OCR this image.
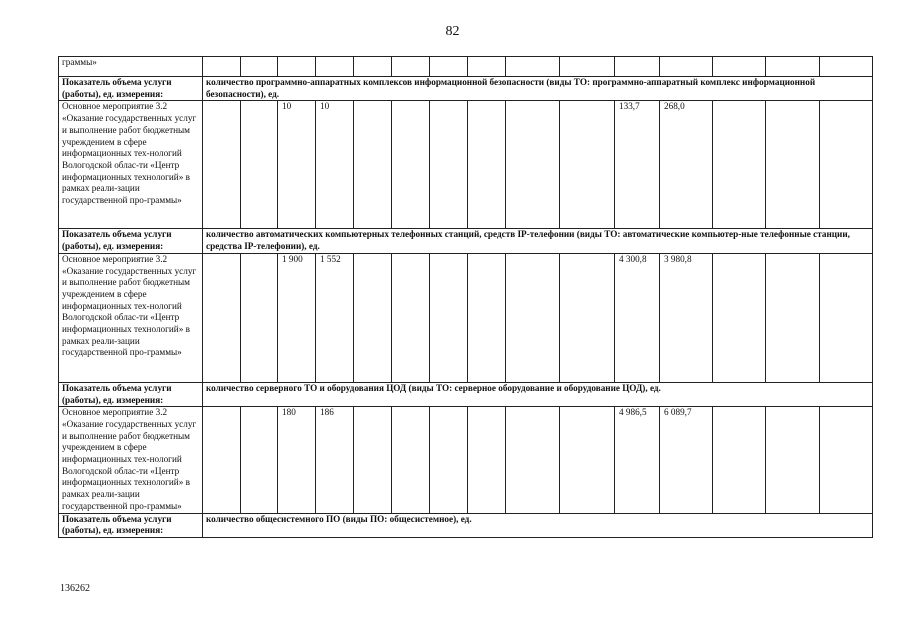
82
граммы»															
Показатель объема услуги (работы), ед. измерения:	количество программно-аппаратных комплексов информационной безопасности (виды ТО: программно-аппаратный комплекс информационной безопасности), ед.														
Основное мероприятие 3.2 «Оказание государственных услуг и выполнение работ бюджетным учреждением в сфере информационных тех-нологий Вологодской облас-ти «Центр информационных технологий» в рамках реали-зации государственной про-граммы»			10	10							133,7	268,0			
Показатель объема услуги (работы), ед. измерения:	количество автоматических компьютерных телефонных станций, средств IP-телефонии (виды ТО: автоматические компьютер-ные телефонные станции, средства IP-телефонии), ед.														
Основное мероприятие 3.2 «Оказание государственных услуг и выполнение работ бюджетным учреждением в сфере информационных тех-нологий Вологодской облас-ти «Центр информационных технологий» в рамках реали-зации государственной про-граммы»			1 900	1 552							4 300,8	3 980,8			
Показатель объема услуги (работы), ед. измерения:	количество серверного ТО и оборудования ЦОД (виды ТО: серверное оборудование и оборудование ЦОД), ед.														
Основное мероприятие 3.2 «Оказание государственных услуг и выполнение работ бюджетным учреждением в сфере информационных тех-нологий Вологодской облас-ти «Центр информационных технологий» в рамках реали-зации государственной про-граммы»			180	186							4 986,5	6 089,7			
Показатель объема услуги (работы), ед. измерения:	количество общесистемного ПО (виды ПО: общесистемное), ед.														
136262
